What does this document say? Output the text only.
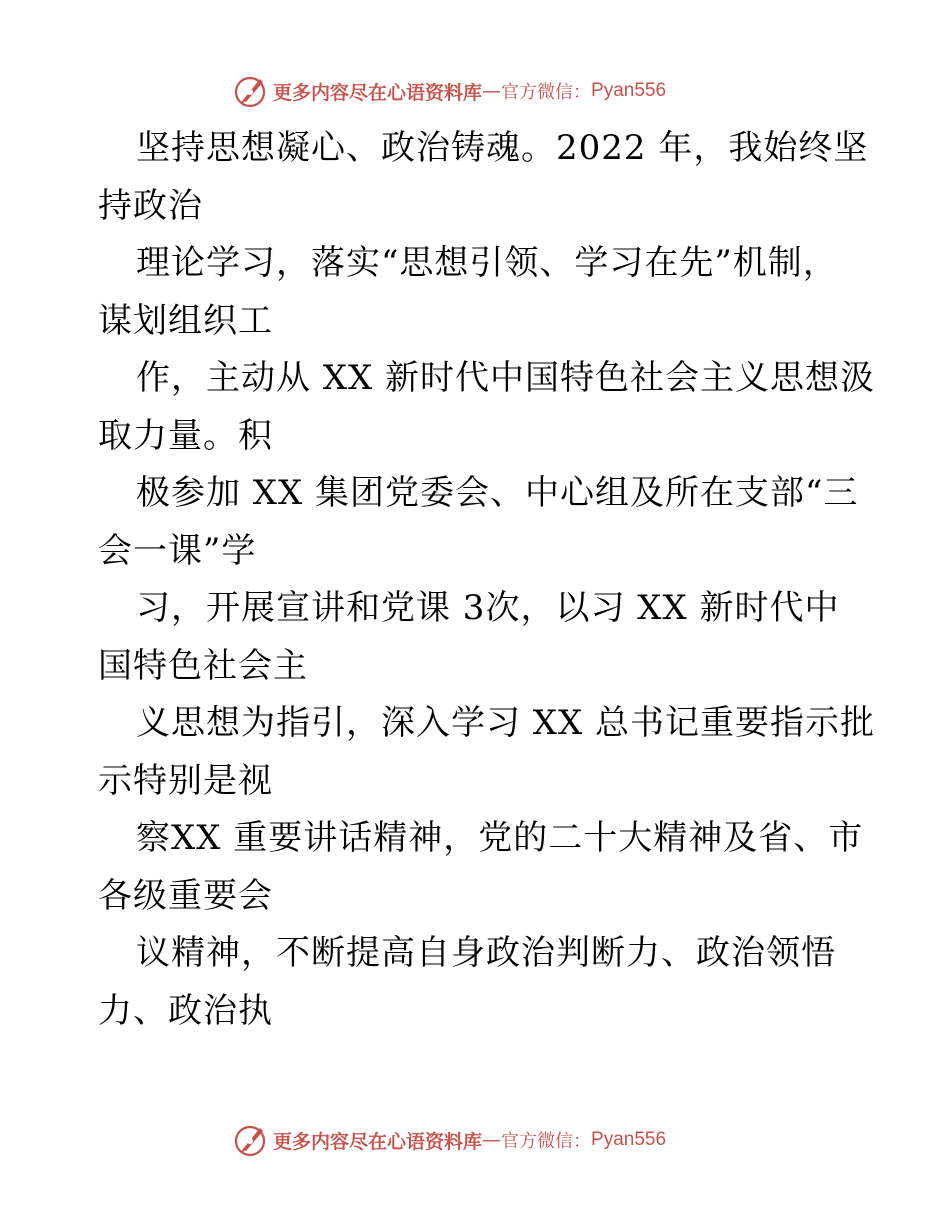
更多内容尽在心语资料库 — 官方微信： Pyan556
坚持思想凝心、政治铸魂。2022 年，我始终坚
持政治
理论学习，落实“思想引领、学习在先”机制，
谋划组织工
作，主动从 XX 新时代中国特色社会主义思想汲
取力量。积
极参加 XX 集团党委会、中心组及所在支部“三
会一课”学
习，开展宣讲和党课 3次，以习 XX 新时代中
国特色社会主
义思想为指引，深入学习 XX 总书记重要指示批
示特别是视
察XX 重要讲话精神，党的二十大精神及省、市
各级重要会
议精神，不断提高自身政治判断力、政治领悟
力、政治执
更多内容尽在心语资料库 — 官方微信： Pyan556
